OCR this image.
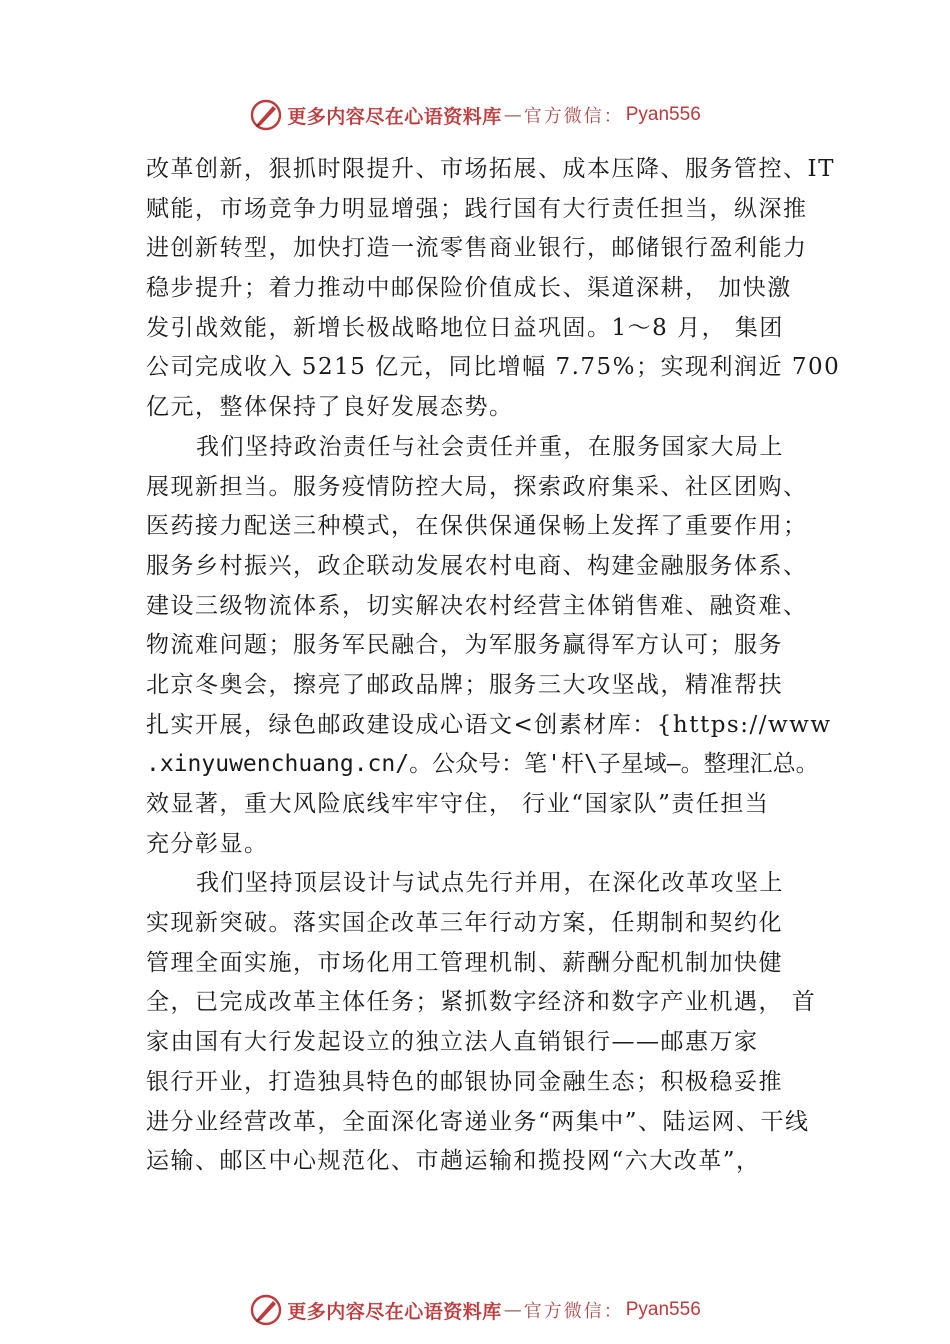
更多内容尽在心语资料库 — 官方微信： Pyan556
改革创新，狠抓时限提升、市场拓展、成本压降、服务管控、IT
赋能，市场竞争力明显增强；践行国有大行责任担当，纵深推
进创新转型，加快打造一流零售商业银行，邮储银行盈利能力
稳步提升；着力推动中邮保险价值成长、渠道深耕， 加快激
发引战效能，新增长极战略地位日益巩固。1～8 月， 集团
公司完成收入 5215 亿元，同比增幅 7.75%；实现利润近 700
亿元，整体保持了良好发展态势。
我们坚持政治责任与社会责任并重，在服务国家大局上
展现新担当。服务疫情防控大局，探索政府集采、社区团购、
医药接力配送三种模式，在保供保通保畅上发挥了重要作用；
服务乡村振兴，政企联动发展农村电商、构建金融服务体系、
建设三级物流体系，切实解决农村经营主体销售难、融资难、
物流难问题；服务军民融合，为军服务赢得军方认可；服务
北京冬奥会，擦亮了邮政品牌；服务三大攻坚战，精准帮扶
扎实开展，绿色邮政建设成心语文<创素材库：{https://www
.xinyuwenchuang.cn/。公众号：笔'杆\子星域—。整理汇总。
效显著，重大风险底线牢牢守住， 行业“国家队”责任担当
充分彰显。
我们坚持顶层设计与试点先行并用，在深化改革攻坚上
实现新突破。落实国企改革三年行动方案，任期制和契约化
管理全面实施，市场化用工管理机制、薪酬分配机制加快健
全，已完成改革主体任务；紧抓数字经济和数字产业机遇， 首
家由国有大行发起设立的独立法人直销银行——邮惠万家
银行开业，打造独具特色的邮银协同金融生态；积极稳妥推
进分业经营改革，全面深化寄递业务“两集中”、陆运网、干线
运输、邮区中心规范化、市趟运输和揽投网“六大改革”，
更多内容尽在心语资料库 — 官方微信： Pyan556
